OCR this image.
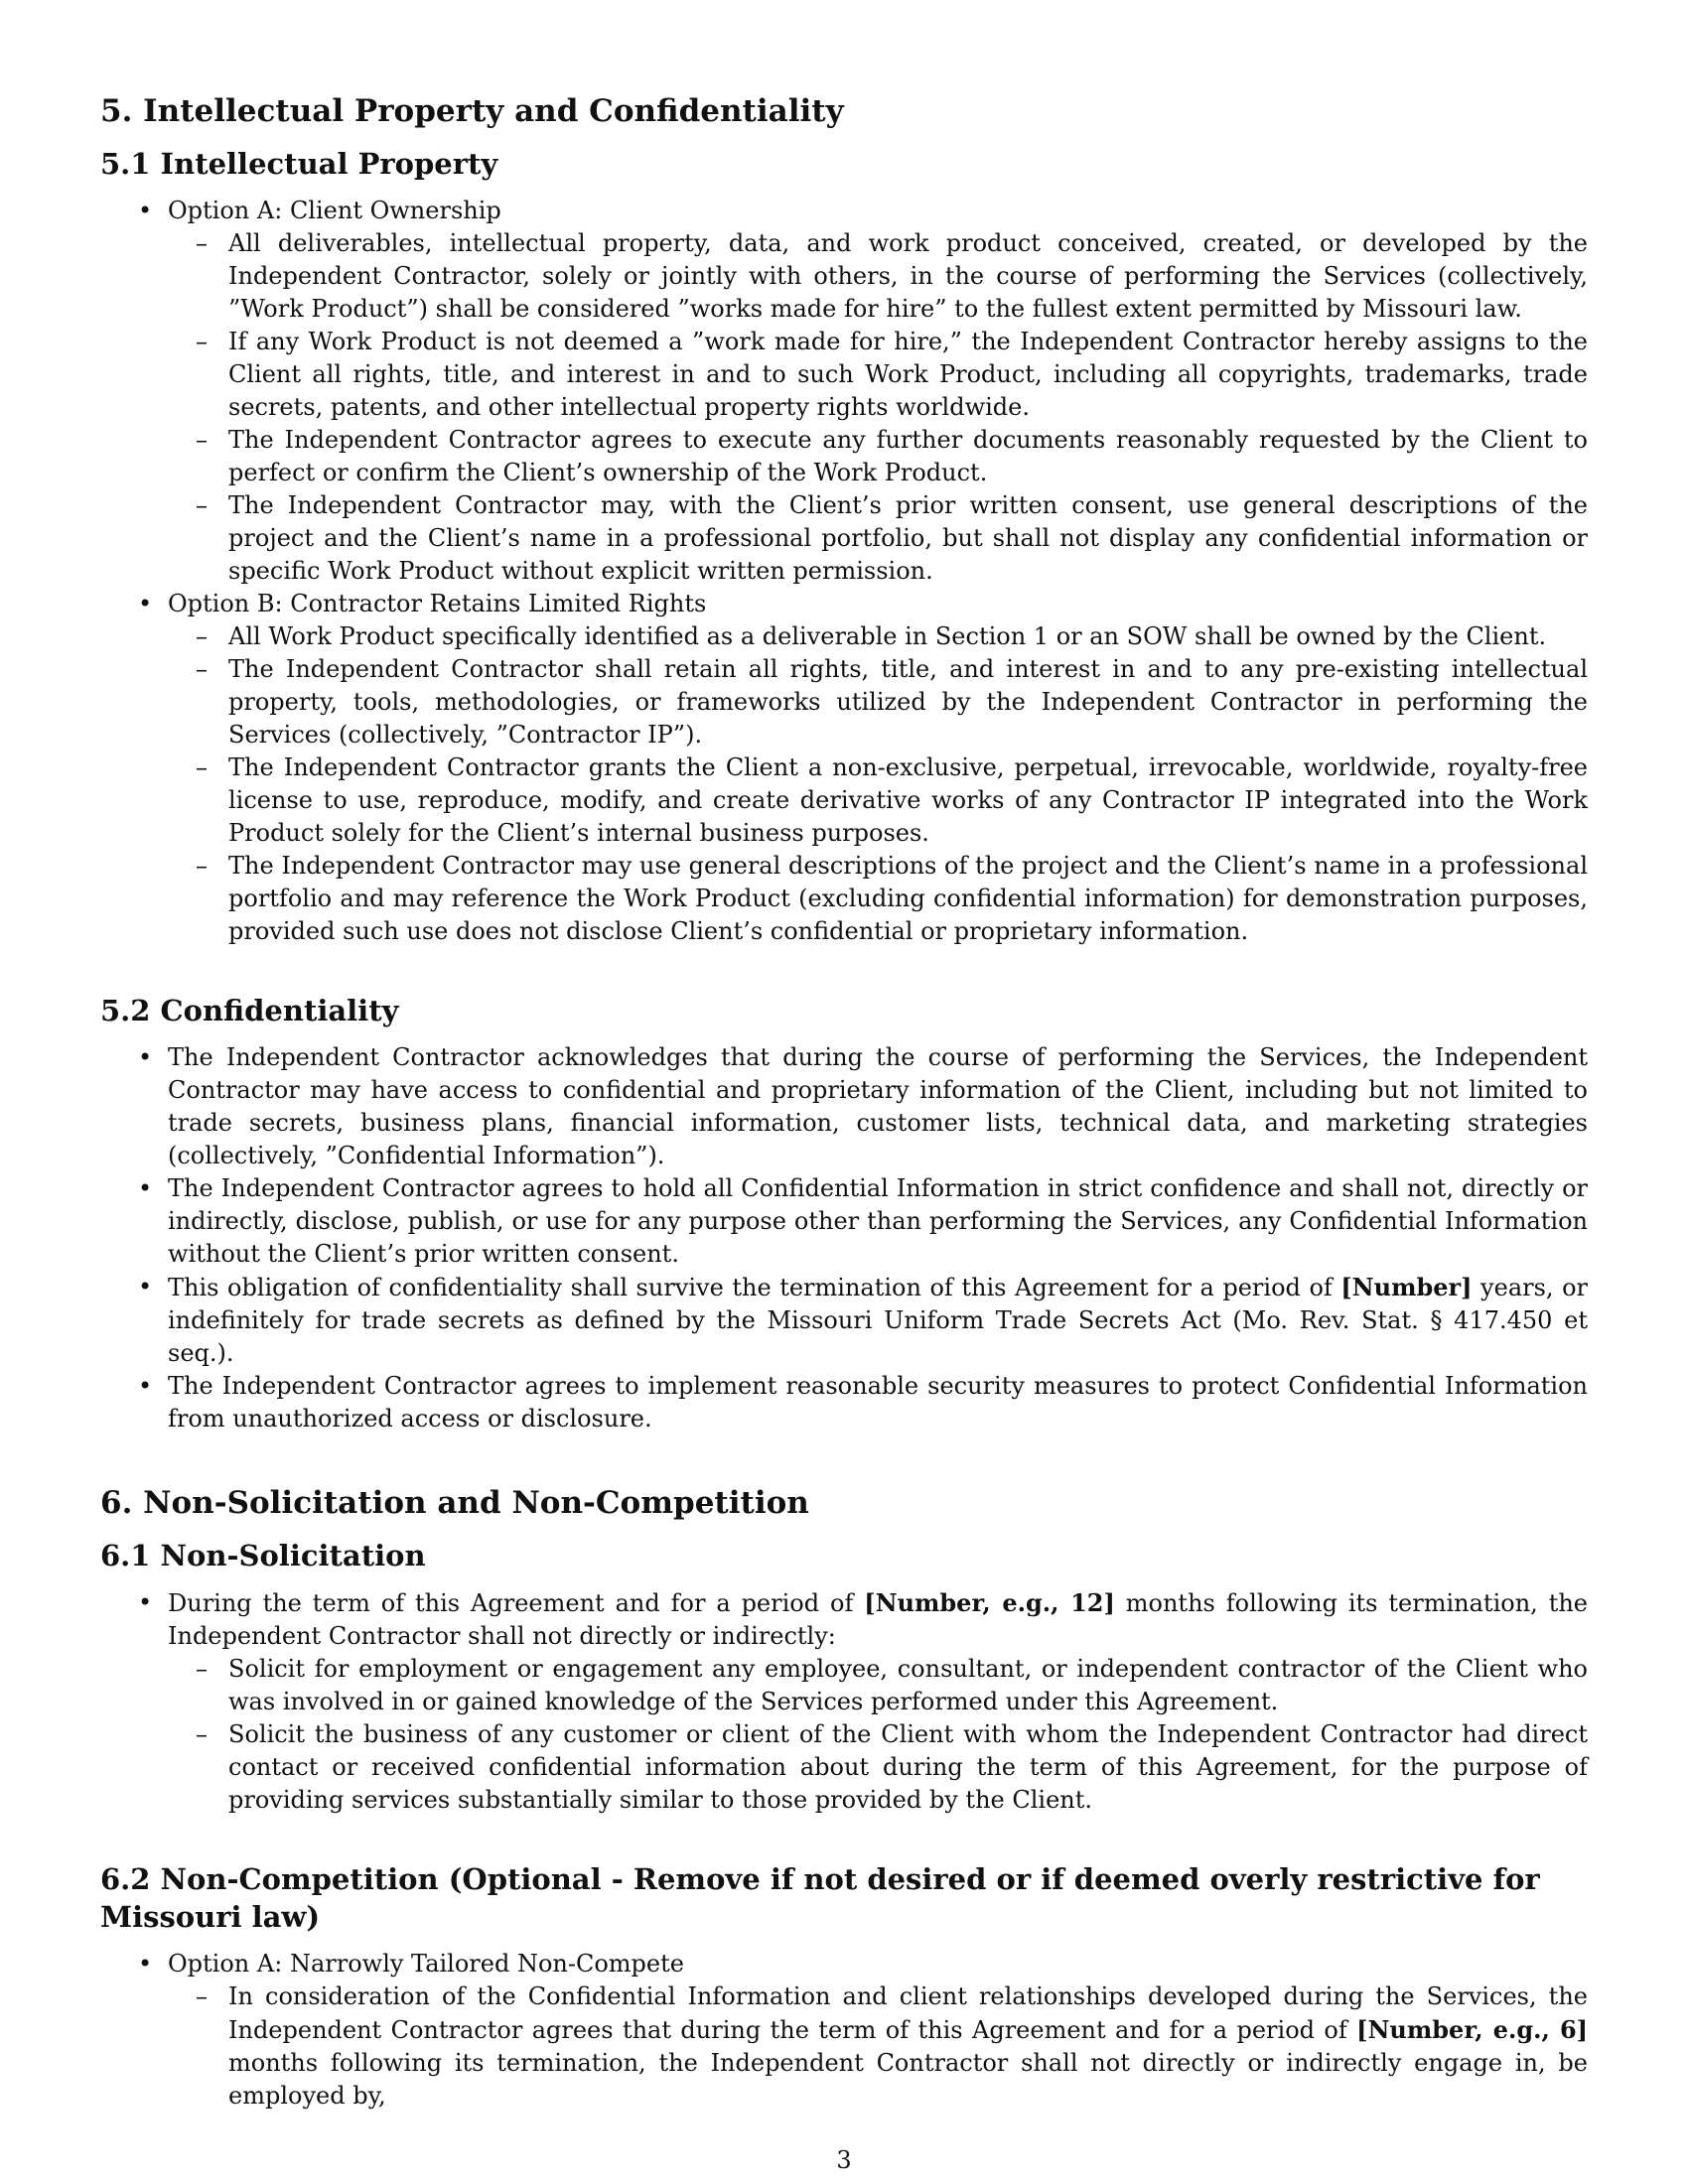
5. Intellectual Property and Confidentiality
5.1 Intellectual Property
• Option A: Client Ownership
– All deliverables, intellectual property, data, and work product conceived, created, or developed by the Independent Contractor, solely or jointly with others, in the course of performing the Services (collectively, ”Work Product”) shall be considered ”works made for hire” to the fullest extent permitted by Missouri law.
– If any Work Product is not deemed a ”work made for hire,” the Independent Contractor hereby assigns to the Client all rights, title, and interest in and to such Work Product, including all copyrights, trademarks, trade secrets, patents, and other intellectual property rights worldwide.
– The Independent Contractor agrees to execute any further documents reasonably requested by the Client to perfect or confirm the Client’s ownership of the Work Product.
– The Independent Contractor may, with the Client’s prior written consent, use general descriptions of the project and the Client’s name in a professional portfolio, but shall not display any confidential information or specific Work Product without explicit written permission.
• Option B: Contractor Retains Limited Rights
– All Work Product specifically identified as a deliverable in Section 1 or an SOW shall be owned by the Client.
– The Independent Contractor shall retain all rights, title, and interest in and to any pre-existing intellectual property, tools, methodologies, or frameworks utilized by the Independent Contractor in performing the Services (collectively, ”Contractor IP”).
– The Independent Contractor grants the Client a non-exclusive, perpetual, irrevocable, worldwide, royalty-free license to use, reproduce, modify, and create derivative works of any Contractor IP integrated into the Work Product solely for the Client’s internal business purposes.
– The Independent Contractor may use general descriptions of the project and the Client’s name in a professional portfolio and may reference the Work Product (excluding confidential information) for demonstration purposes, provided such use does not disclose Client’s confidential or proprietary information.
5.2 Confidentiality
• The Independent Contractor acknowledges that during the course of performing the Services, the Independent Contractor may have access to confidential and proprietary information of the Client, including but not limited to trade secrets, business plans, financial information, customer lists, technical data, and marketing strategies (collectively, ”Confidential Information”).
• The Independent Contractor agrees to hold all Confidential Information in strict confidence and shall not, directly or indirectly, disclose, publish, or use for any purpose other than performing the Services, any Confidential Information without the Client’s prior written consent.
• This obligation of confidentiality shall survive the termination of this Agreement for a period of [Number] years, or indefinitely for trade secrets as defined by the Missouri Uniform Trade Secrets Act (Mo. Rev. Stat. § 417.450 et seq.).
• The Independent Contractor agrees to implement reasonable security measures to protect Confidential Information from unauthorized access or disclosure.
6. Non-Solicitation and Non-Competition
6.1 Non-Solicitation
• During the term of this Agreement and for a period of [Number, e.g., 12] months following its termination, the Independent Contractor shall not directly or indirectly:
– Solicit for employment or engagement any employee, consultant, or independent contractor of the Client who was involved in or gained knowledge of the Services performed under this Agreement.
– Solicit the business of any customer or client of the Client with whom the Independent Contractor had direct contact or received confidential information about during the term of this Agreement, for the purpose of providing services substantially similar to those provided by the Client.
6.2 Non-Competition (Optional - Remove if not desired or if deemed overly restrictive for Missouri law)
• Option A: Narrowly Tailored Non-Compete
– In consideration of the Confidential Information and client relationships developed during the Services, the Independent Contractor agrees that during the term of this Agreement and for a period of [Number, e.g., 6] months following its termination, the Independent Contractor shall not directly or indirectly engage in, be employed by,
3
